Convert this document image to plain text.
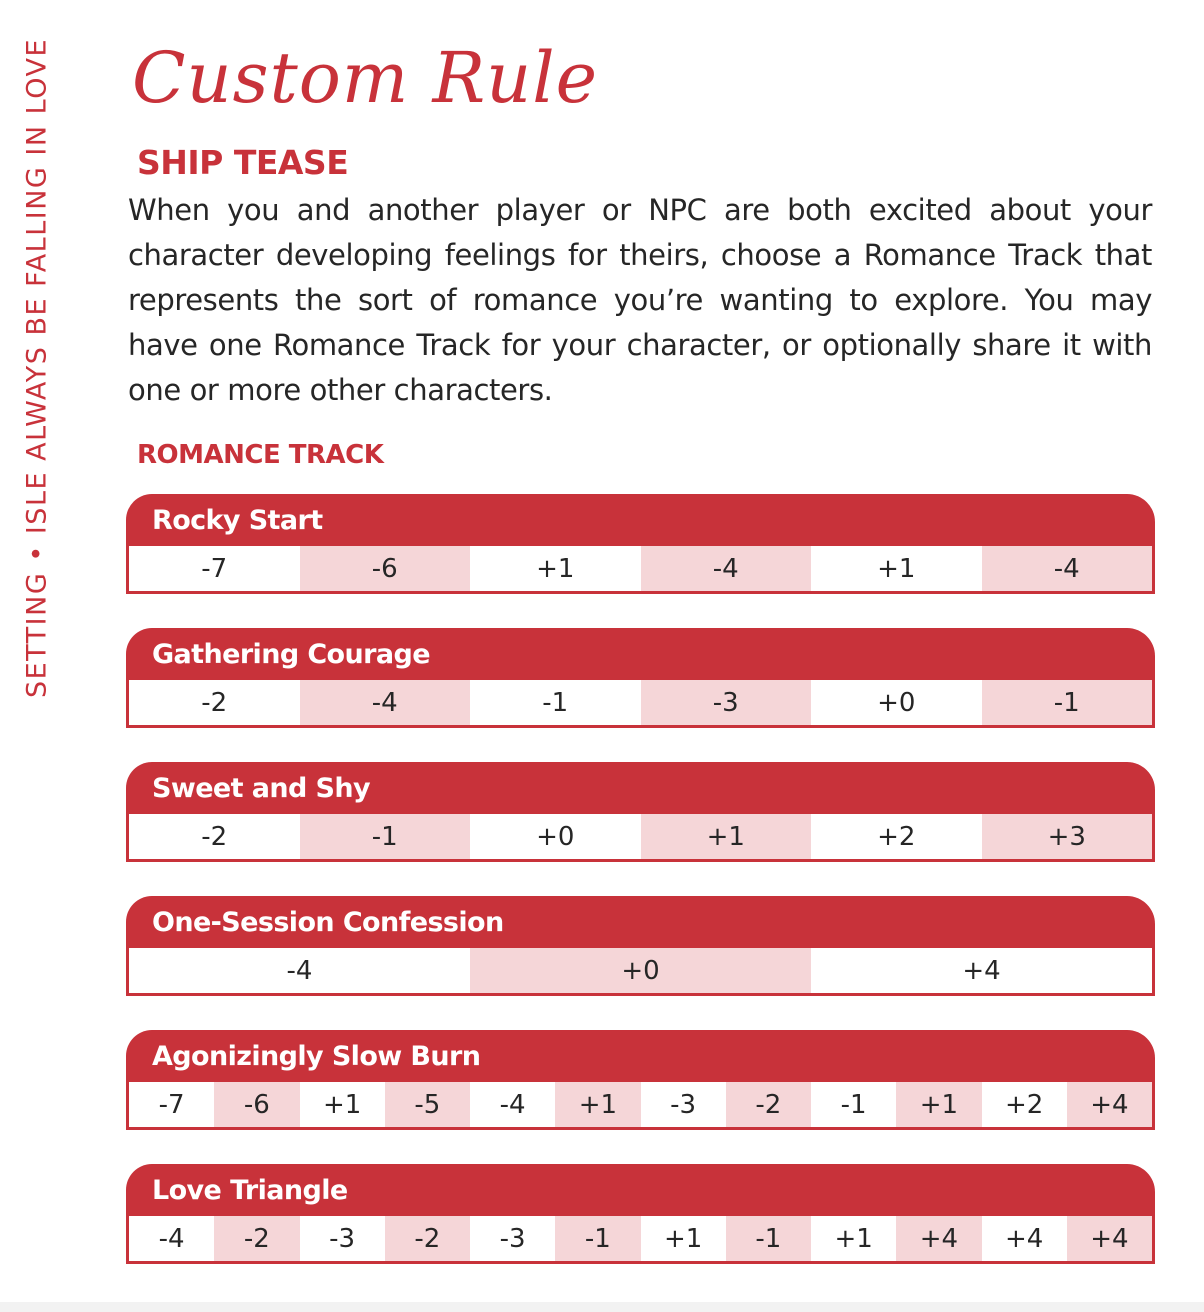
SETTING • ISLE ALWAYS BE FALLING IN LOVE Custom Rule
SHIP TEASE

When you and another player or NPC are both excited about your character developing feelings for theirs, choose a Romance Track that represents the sort of romance you’re wanting to explore. You may have one Romance Track for your character, or optionally share it with one or more other characters.

ROMANCE TRACK
Rocky Start
-7	-6	+1	-4	+1	-4
Gathering Courage
-2	-4	-1	-3	+0	-1
Sweet and Shy
-2	-1	+0	+1	+2	+3
One-Session Confession
-4	+0	+4
Agonizingly Slow Burn
-7	-6	+1	-5	-4	+1	-3	-2	-1	+1	+2	+4
Love Triangle
-4	-2	-3	-2	-3	-1	+1	-1	+1	+4	+4	+4
